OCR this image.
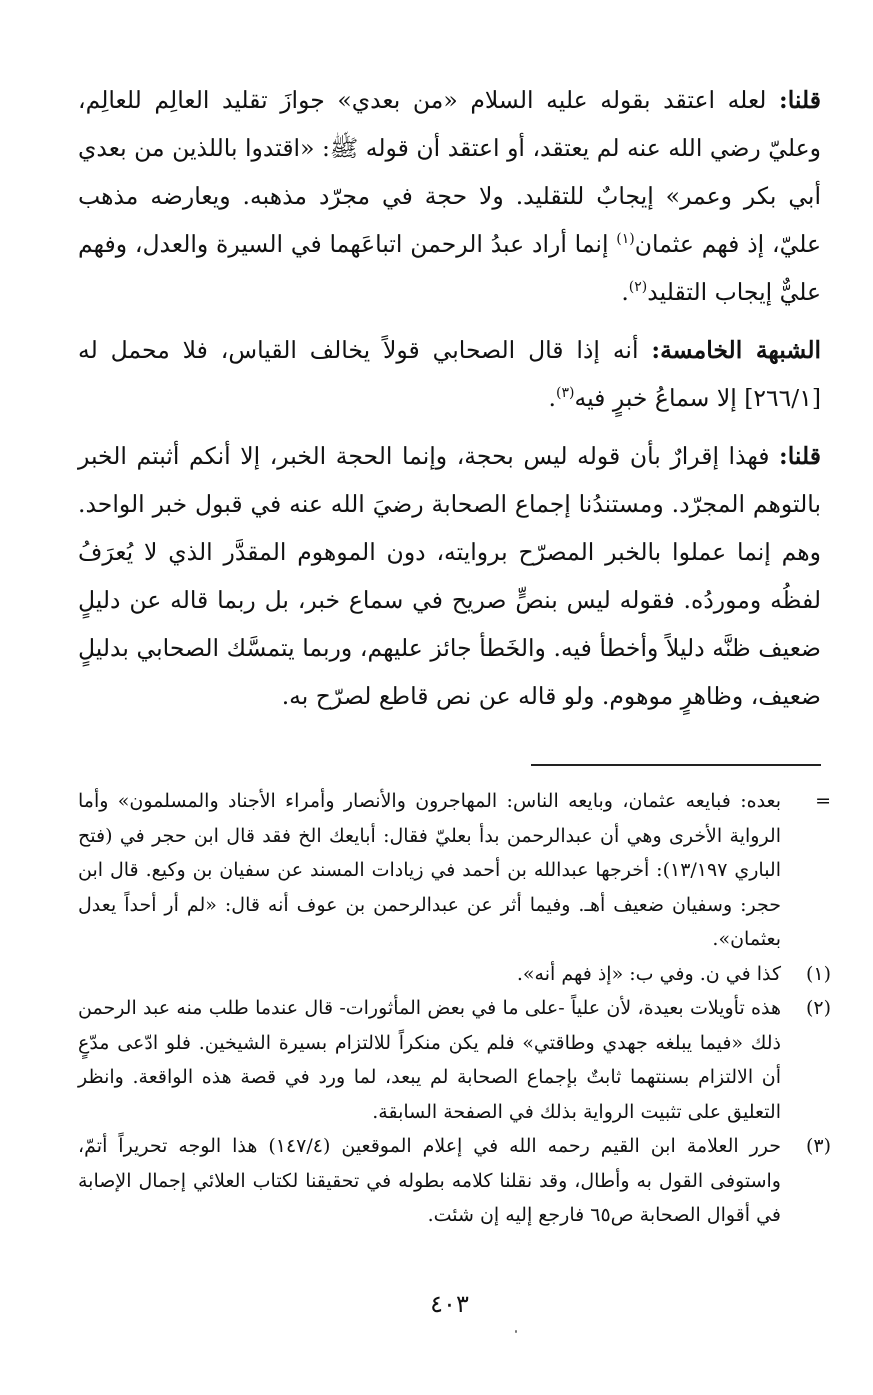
قلنا: لعله اعتقد بقوله عليه السلام «من بعدي» جوازَ تقليد العالِم للعالِم، وعليّ رضي الله عنه لم يعتقد، أو اعتقد أن قوله ﷺ: «اقتدوا باللذين من بعدي أبي بكر وعمر» إيجابٌ للتقليد. ولا حجة في مجرّد مذهبه. ويعارضه مذهب عليّ، إذ فهم عثمان$^{(١)}$ إنما أراد عبدُ الرحمن اتباعَهما في السيرة والعدل، وفهم عليٌّ إيجاب التقليد$^{(٢)}$.

الشبهة الخامسة: أنه إذا قال الصحابي قولاً يخالف القياس، فلا محمل له [٢٦٦/١] إلا سماعُ خبرٍ فيه$^{(٣)}$.

قلنا: فهذا إقرارٌ بأن قوله ليس بحجة، وإنما الحجة الخبر، إلا أنكم أثبتم الخبر بالتوهم المجرّد. ومستندُنا إجماع الصحابة رضيَ الله عنه في قبول خبر الواحد. وهم إنما عملوا بالخبر المصرّح بروايته، دون الموهوم المقدَّر الذي لا يُعرَفُ لفظُه وموردُه. فقوله ليس بنصٍّ صريح في سماع خبر، بل ربما قاله عن دليلٍ ضعيف ظنَّه دليلاً وأخطأ فيه. والخَطأ جائز عليهم، وربما يتمسَّك الصحابي بدليلٍ ضعيف، وظاهرٍ موهوم. ولو قاله عن نص قاطع لصرّح به.

=
بعده: فبايعه عثمان، وبايعه الناس: المهاجرون والأنصار وأمراء الأجناد والمسلمون» وأما الرواية الأخرى وهي أن عبدالرحمن بدأ بعليّ فقال: أبايعك الخ فقد قال ابن حجر في (فتح الباري ١٣/١٩٧): أخرجها عبدالله بن أحمد في زيادات المسند عن سفيان بن وكيع. قال ابن حجر: وسفيان ضعيف أهـ. وفيما أثر عن عبدالرحمن بن عوف أنه قال: «لم أر أحداً يعدل بعثمان».
(١)
كذا في ن. وفي ب: «إذ فهم أنه».
(٢)
هذه تأويلات بعيدة، لأن علياً -على ما في بعض المأثورات- قال عندما طلب منه عبد الرحمن ذلك «فيما يبلغه جهدي وطاقتي» فلم يكن منكراً للالتزام بسيرة الشيخين. فلو ادّعى مدّعٍ أن الالتزام بسنتهما ثابتٌ بإجماع الصحابة لم يبعد، لما ورد في قصة هذه الواقعة. وانظر التعليق على تثبيت الرواية بذلك في الصفحة السابقة.
(٣)
حرر العلامة ابن القيم رحمه الله في إعلام الموقعين (١٤٧/٤) هذا الوجه تحريراً أتمّ، واستوفى القول به وأطال، وقد نقلنا كلامه بطوله في تحقيقنا لكتاب العلائي إجمال الإصابة في أقوال الصحابة ص٦٥ فارجع إليه إن شئت.
٤٠٣
